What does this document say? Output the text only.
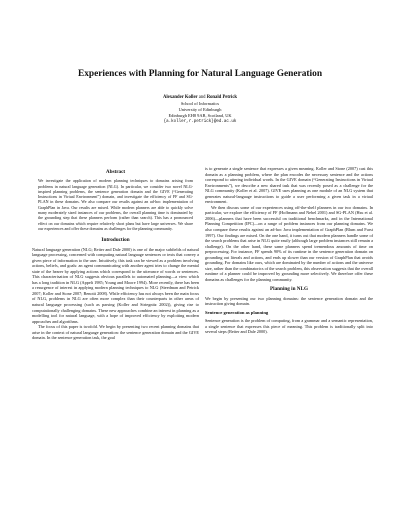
Experiences with Planning for Natural Language Generation
Alexander Koller and Ronald Petrick
School of Informatics
University of Edinburgh
Edinburgh EH8 9AB, Scotland, UK
{a.koller,r.petrick}@ed.ac.uk
Abstract

We investigate the application of modern planning techniques to domains arising from problems in natural language generation (NLG). In particular, we consider two novel NLG-inspired planning problems, the sentence generation domain and the GIVE (“Generating Instructions in Virtual Environment”) domain, and investigate the efficiency of FF and SG-PLAN in these domains. We also compare our results against an ad-hoc implementation of GraphPlan in Java. Our results are mixed. While modern planners are able to quickly solve many moderately sized instances of our problems, the overall planning time is dominated by the grounding step that these planners perform (rather than search). This has a pronounced effect on our domains which require relatively short plans but have large universes. We share our experiences and offer these domains as challenges for the planning community.

Introduction

Natural language generation (NLG; Reiter and Dale 2000) is one of the major subfields of natural language processing, concerned with computing natural language sentences or texts that convey a given piece of information to the user. Intuitively, this task can be viewed as a problem involving actions, beliefs, and goals: an agent communicating with another agent tries to change the mental state of the hearer by applying actions which correspond to the utterance of words or sentences. This characterisation of NLG suggests obvious parallels to automated planning—a view which has a long tradition in NLG (Appelt 1985; Young and Moore 1994). More recently, there has been a resurgence of interest in applying modern planning techniques to NLG (Steedman and Petrick 2007; Koller and Stone 2007; Benotti 2008). While efficiency has not always been the main focus of NLG, problems in NLG are often more complex than their counterparts in other areas of natural language processing (such as parsing (Koller and Striegnitz 2002)), giving rise to computationally challenging domains. These new approaches combine an interest in planning as a modelling tool for natural language, with a hope of improved efficiency by exploiting modern approaches and algorithms.

The focus of this paper is twofold. We begin by presenting two recent planning domains that arise in the context of natural language generation: the sentence generation domain and the GIVE domain. In the sentence generation task, the goal

is to generate a single sentence that expresses a given meaning. Koller and Stone (2007) cast this domain as a planning problem, where the plan encodes the necessary sentence and the actions correspond to uttering individual words. In the GIVE domain (“Generating Instructions in Virtual Environments”), we describe a new shared task that was recently posed as a challenge for the NLG community (Koller et al. 2007). GIVE uses planning as one module of an NLG system that generates natural-language instructions to guide a user performing a given task in a virtual environment.

We then discuss some of our experiences using off-the-shelf planners in our two domains. In particular, we explore the efficiency of FF (Hoffmann and Nebel 2001) and SG-PLAN (Hsu et al. 2006)—planners that have been successful on traditional benchmarks, and in the International Planning Competition (IPC)—on a range of problem instances from our planning domains. We also compare these results against an ad-hoc Java implementation of GraphPlan (Blum and Furst 1997). Our findings are mixed. On the one hand, it turns out that modern planners handle some of the search problems that arise in NLG quite easily (although large problem instances still remain a challenge). On the other hand, these same planners spend tremendous amounts of time on preprocessing. For instance, FF spends 90% of its runtime in the sentence generation domain on grounding out literals and actions, and ends up slower than our version of GraphPlan that avoids grounding. For domains like ours, which are dominated by the number of actions and the universe size, rather than the combinatorics of the search problem, this observation suggests that the overall runtime of a planner could be improved by grounding more selectively. We therefore offer these domains as challenges for the planning community.

Planning in NLG

We begin by presenting our two planning domains: the sentence generation domain and the instruction giving domain.

Sentence generation as planning

Sentence generation is the problem of computing, from a grammar and a semantic representation, a single sentence that expresses this piece of meaning. This problem is traditionally split into several steps (Reiter and Dale 2000).
